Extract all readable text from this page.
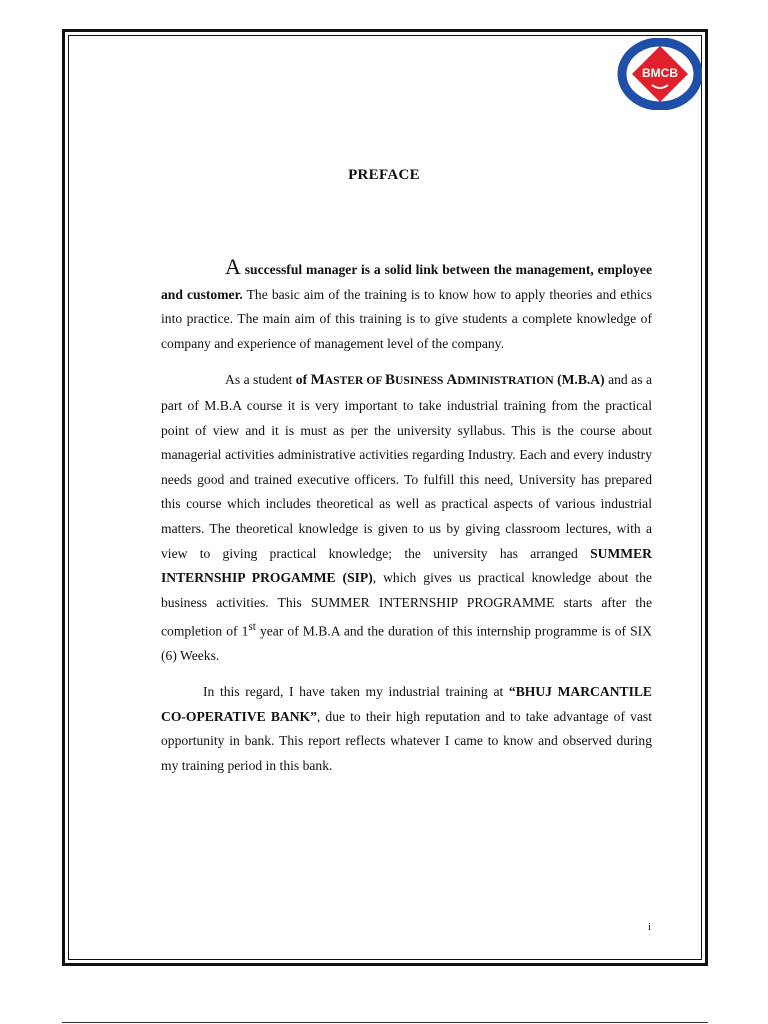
BMCB
PREFACE

A successful manager is a solid link between the management, employee and customer. The basic aim of the training is to know how to apply theories and ethics into practice. The main aim of this training is to give students a complete knowledge of company and experience of management level of the company.

As a student of MASTER OF BUSINESS ADMINISTRATION (M.B.A) and as a part of M.B.A course it is very important to take industrial training from the practical point of view and it is must as per the university syllabus. This is the course about managerial activities administrative activities regarding Industry. Each and every industry needs good and trained executive officers. To fulfill this need, University has prepared this course which includes theoretical as well as practical aspects of various industrial matters. The theoretical knowledge is given to us by giving classroom lectures, with a view to giving practical knowledge; the university has arranged SUMMER INTERNSHIP PROGAMME (SIP), which gives us practical knowledge about the business activities. This SUMMER INTERNSHIP PROGRAMME starts after the completion of 1st year of M.B.A and the duration of this internship programme is of SIX (6) Weeks.

In this regard, I have taken my industrial training at “BHUJ MARCANTILE CO-OPERATIVE BANK”, due to their high reputation and to take advantage of vast opportunity in bank. This report reflects whatever I came to know and observed during my training period in this bank.

i
